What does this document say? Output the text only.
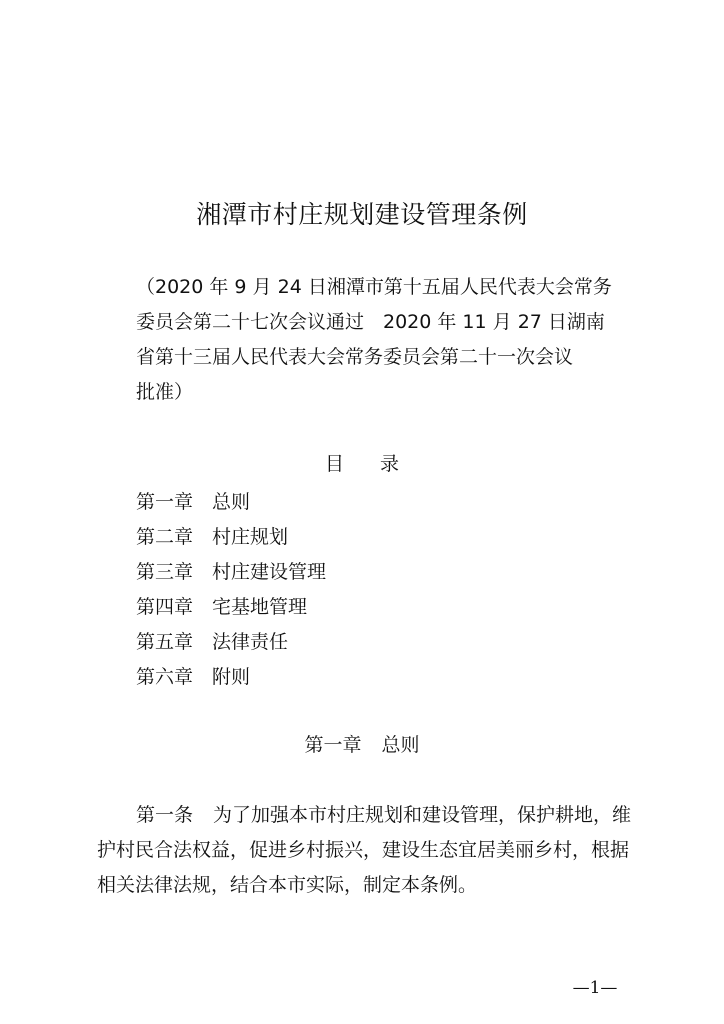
湘潭市村庄规划建设管理条例
（2020 年 9 月 24 日湘潭市第十五届人民代表大会常务
委员会第二十七次会议通过　2020 年 11 月 27 日湖南
省第十三届人民代表大会常务委员会第二十一次会议
批准）
目 录
第一章 总则
第二章 村庄规划
第三章 村庄建设管理
第四章 宅基地管理
第五章 法律责任
第六章 附则
第一章 总则
第一条 为了加强本市村庄规划和建设管理，保护耕地，维
护村民合法权益，促进乡村振兴，建设生态宜居美丽乡村，根据
相关法律法规，结合本市实际，制定本条例。
—1—
